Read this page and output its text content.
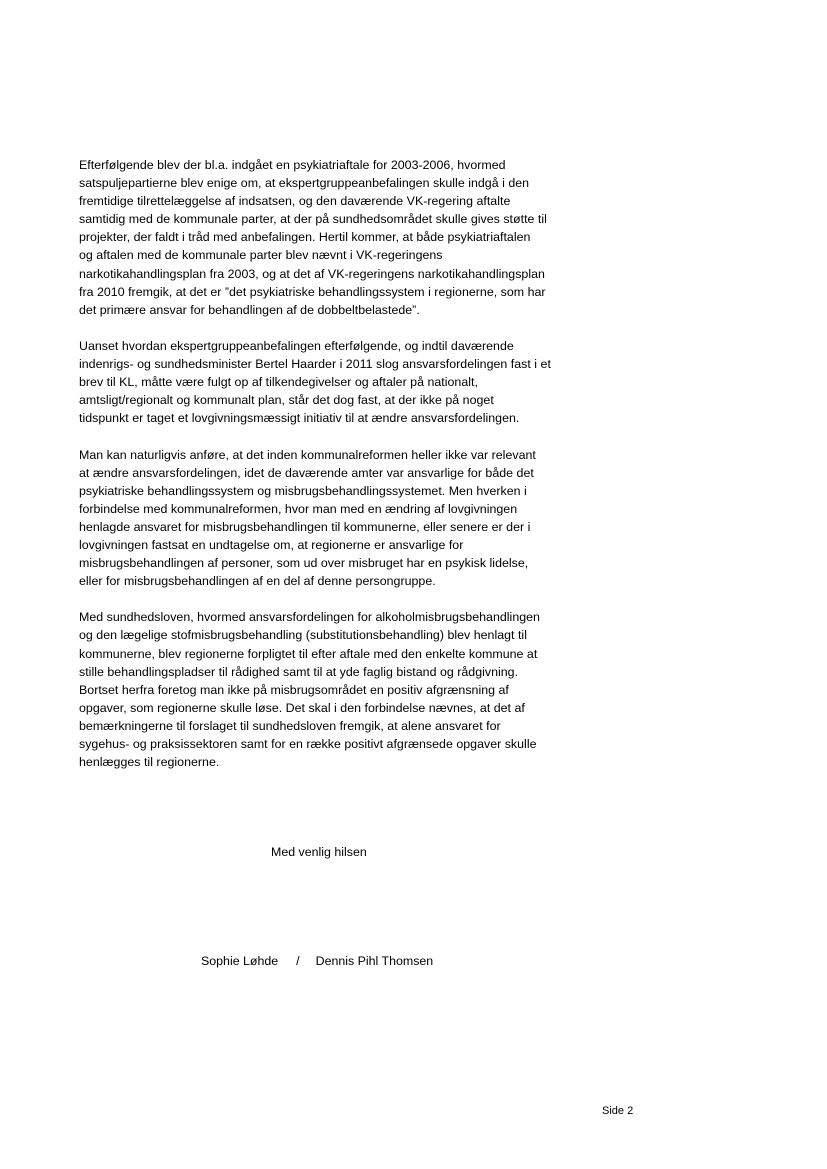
Efterfølgende blev der bl.a. indgået en psykiatriaftale for 2003-2006, hvormed
satspuljepartierne blev enige om, at ekspertgruppeanbefalingen skulle indgå i den
fremtidige tilrettelæggelse af indsatsen, og den daværende VK-regering aftalte
samtidig med de kommunale parter, at der på sundhedsområdet skulle gives støtte til
projekter, der faldt i tråd med anbefalingen. Hertil kommer, at både psykiatriaftalen
og aftalen med de kommunale parter blev nævnt i VK-regeringens
narkotikahandlingsplan fra 2003, og at det af VK-regeringens narkotikahandlingsplan
fra 2010 fremgik, at det er ”det psykiatriske behandlingssystem i regionerne, som har
det primære ansvar for behandlingen af de dobbeltbelastede”.
Uanset hvordan ekspertgruppeanbefalingen efterfølgende, og indtil daværende
indenrigs- og sundhedsminister Bertel Haarder i 2011 slog ansvarsfordelingen fast i et
brev til KL, måtte være fulgt op af tilkendegivelser og aftaler på nationalt,
amtsligt/regionalt og kommunalt plan, står det dog fast, at der ikke på noget
tidspunkt er taget et lovgivningsmæssigt initiativ til at ændre ansvarsfordelingen.
Man kan naturligvis anføre, at det inden kommunalreformen heller ikke var relevant
at ændre ansvarsfordelingen, idet de daværende amter var ansvarlige for både det
psykiatriske behandlingssystem og misbrugsbehandlingssystemet. Men hverken i
forbindelse med kommunalreformen, hvor man med en ændring af lovgivningen
henlagde ansvaret for misbrugsbehandlingen til kommunerne, eller senere er der i
lovgivningen fastsat en undtagelse om, at regionerne er ansvarlige for
misbrugsbehandlingen af personer, som ud over misbruget har en psykisk lidelse,
eller for misbrugsbehandlingen af en del af denne persongruppe.
Med sundhedsloven, hvormed ansvarsfordelingen for alkoholmisbrugsbehandlingen
og den lægelige stofmisbrugsbehandling (substitutionsbehandling) blev henlagt til
kommunerne, blev regionerne forpligtet til efter aftale med den enkelte kommune at
stille behandlingspladser til rådighed samt til at yde faglig bistand og rådgivning.
Bortset herfra foretog man ikke på misbrugsområdet en positiv afgrænsning af
opgaver, som regionerne skulle løse. Det skal i den forbindelse nævnes, at det af
bemærkningerne til forslaget til sundhedsloven fremgik, at alene ansvaret for
sygehus- og praksissektoren samt for en række positivt afgrænsede opgaver skulle
henlægges til regionerne.
Med venlig hilsen
Sophie Løhde / Dennis Pihl Thomsen
Side 2
